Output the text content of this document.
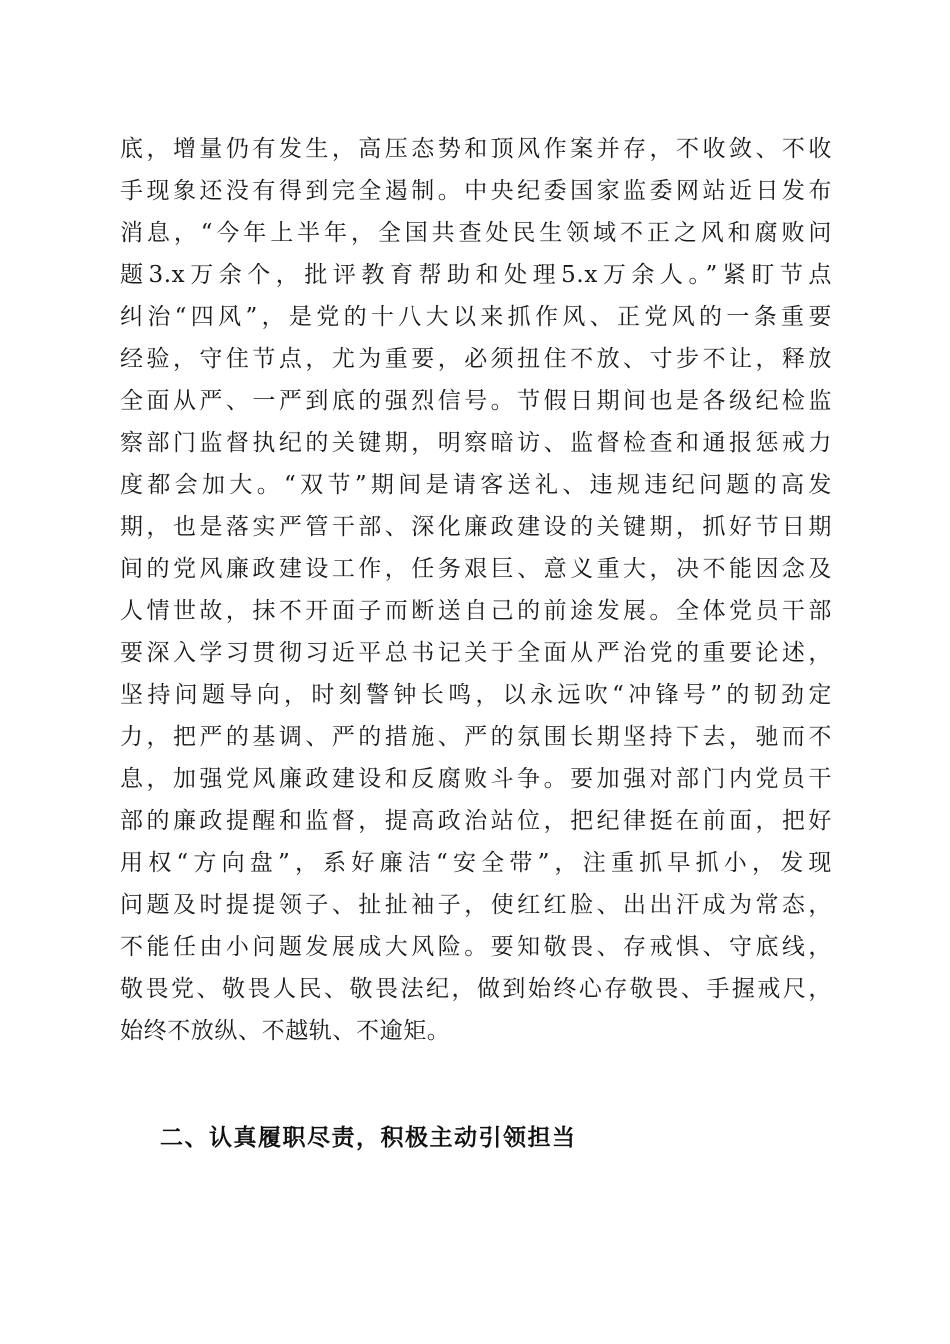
底，增量仍有发生，高压态势和顶风作案并存，不收敛、不收
手现象还没有得到完全遏制。中央纪委国家监委网站近日发布
消息，“今年上半年，全国共查处民生领域不正之风和腐败问
题3.x万余个，批评教育帮助和处理5.x万余人。”紧盯节点
纠治“四风”，是党的十八大以来抓作风、正党风的一条重要
经验，守住节点，尤为重要，必须扭住不放、寸步不让，释放
全面从严、一严到底的强烈信号。节假日期间也是各级纪检监
察部门监督执纪的关键期，明察暗访、监督检查和通报惩戒力
度都会加大。“双节”期间是请客送礼、违规违纪问题的高发
期，也是落实严管干部、深化廉政建设的关键期，抓好节日期
间的党风廉政建设工作，任务艰巨、意义重大，决不能因念及
人情世故，抹不开面子而断送自己的前途发展。全体党员干部
要深入学习贯彻习近平总书记关于全面从严治党的重要论述，
坚持问题导向，时刻警钟长鸣，以永远吹“冲锋号”的韧劲定
力，把严的基调、严的措施、严的氛围长期坚持下去，驰而不
息，加强党风廉政建设和反腐败斗争。要加强对部门内党员干
部的廉政提醒和监督，提高政治站位，把纪律挺在前面，把好
用权“方向盘”，系好廉洁“安全带”，注重抓早抓小，发现
问题及时提提领子、扯扯袖子，使红红脸、出出汗成为常态，
不能任由小问题发展成大风险。要知敬畏、存戒惧、守底线，
敬畏党、敬畏人民、敬畏法纪，做到始终心存敬畏、手握戒尺，
始终不放纵、不越轨、不逾矩。
二、认真履职尽责，积极主动引领担当
